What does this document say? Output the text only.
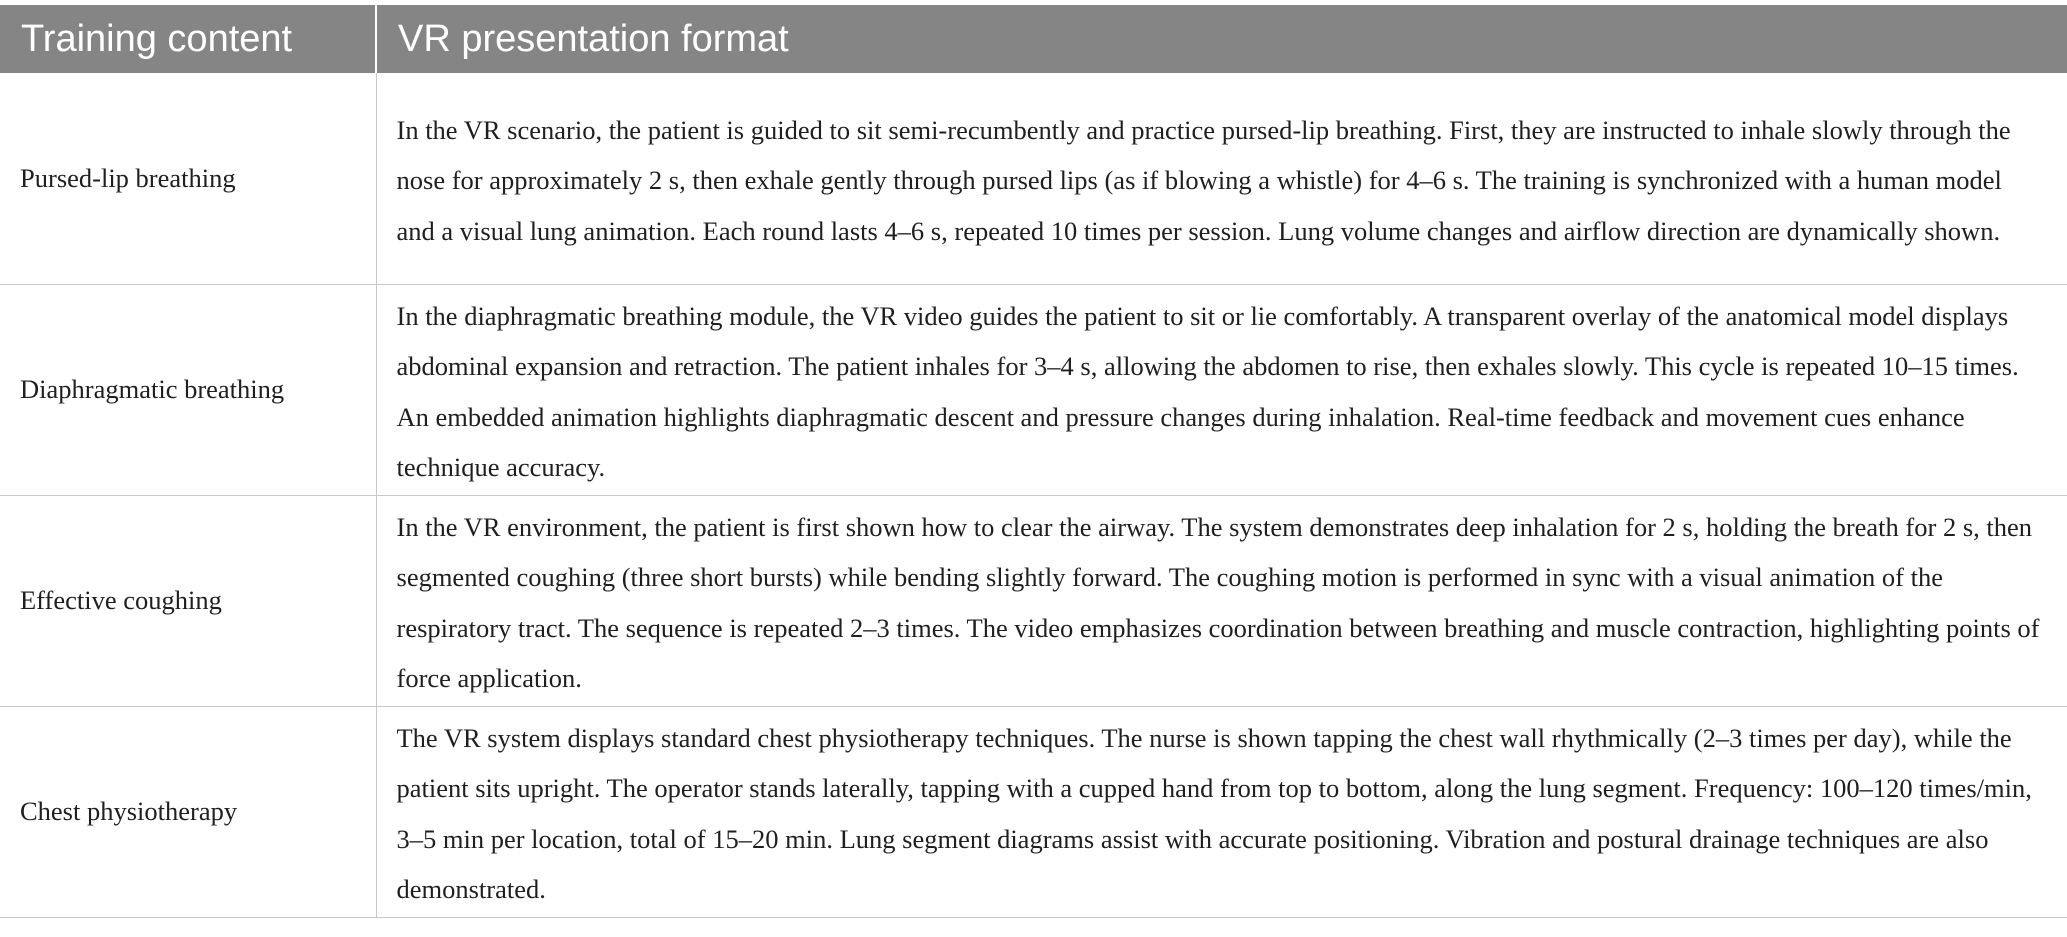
Training content	VR presentation format
Pursed-lip breathing	In the VR scenario, the patient is guided to sit semi-recumbently and practice pursed-lip breathing. First, they are instructed to inhale slowly through the nose for approximately 2 s, then exhale gently through pursed lips (as if blowing a whistle) for 4–6 s. The training is synchronized with a human model and a visual lung animation. Each round lasts 4–6 s, repeated 10 times per session. Lung volume changes and airflow direction are dynamically shown.
Diaphragmatic breathing	In the diaphragmatic breathing module, the VR video guides the patient to sit or lie comfortably. A transparent overlay of the anatomical model displays abdominal expansion and retraction. The patient inhales for 3–4 s, allowing the abdomen to rise, then exhales slowly. This cycle is repeated 10–15 times. An embedded animation highlights diaphragmatic descent and pressure changes during inhalation. Real-time feedback and movement cues enhance technique accuracy.
Effective coughing	In the VR environment, the patient is first shown how to clear the airway. The system demonstrates deep inhalation for 2 s, holding the breath for 2 s, then segmented coughing (three short bursts) while bending slightly forward. The coughing motion is performed in sync with a visual animation of the respiratory tract. The sequence is repeated 2–3 times. The video emphasizes coordination between breathing and muscle contraction, highlighting points of force application.
Chest physiotherapy	The VR system displays standard chest physiotherapy techniques. The nurse is shown tapping the chest wall rhythmically (2–3 times per day), while the patient sits upright. The operator stands laterally, tapping with a cupped hand from top to bottom, along the lung segment. Frequency: 100–120 times/min, 3–5 min per location, total of 15–20 min. Lung segment diagrams assist with accurate positioning. Vibration and postural drainage techniques are also demonstrated.
